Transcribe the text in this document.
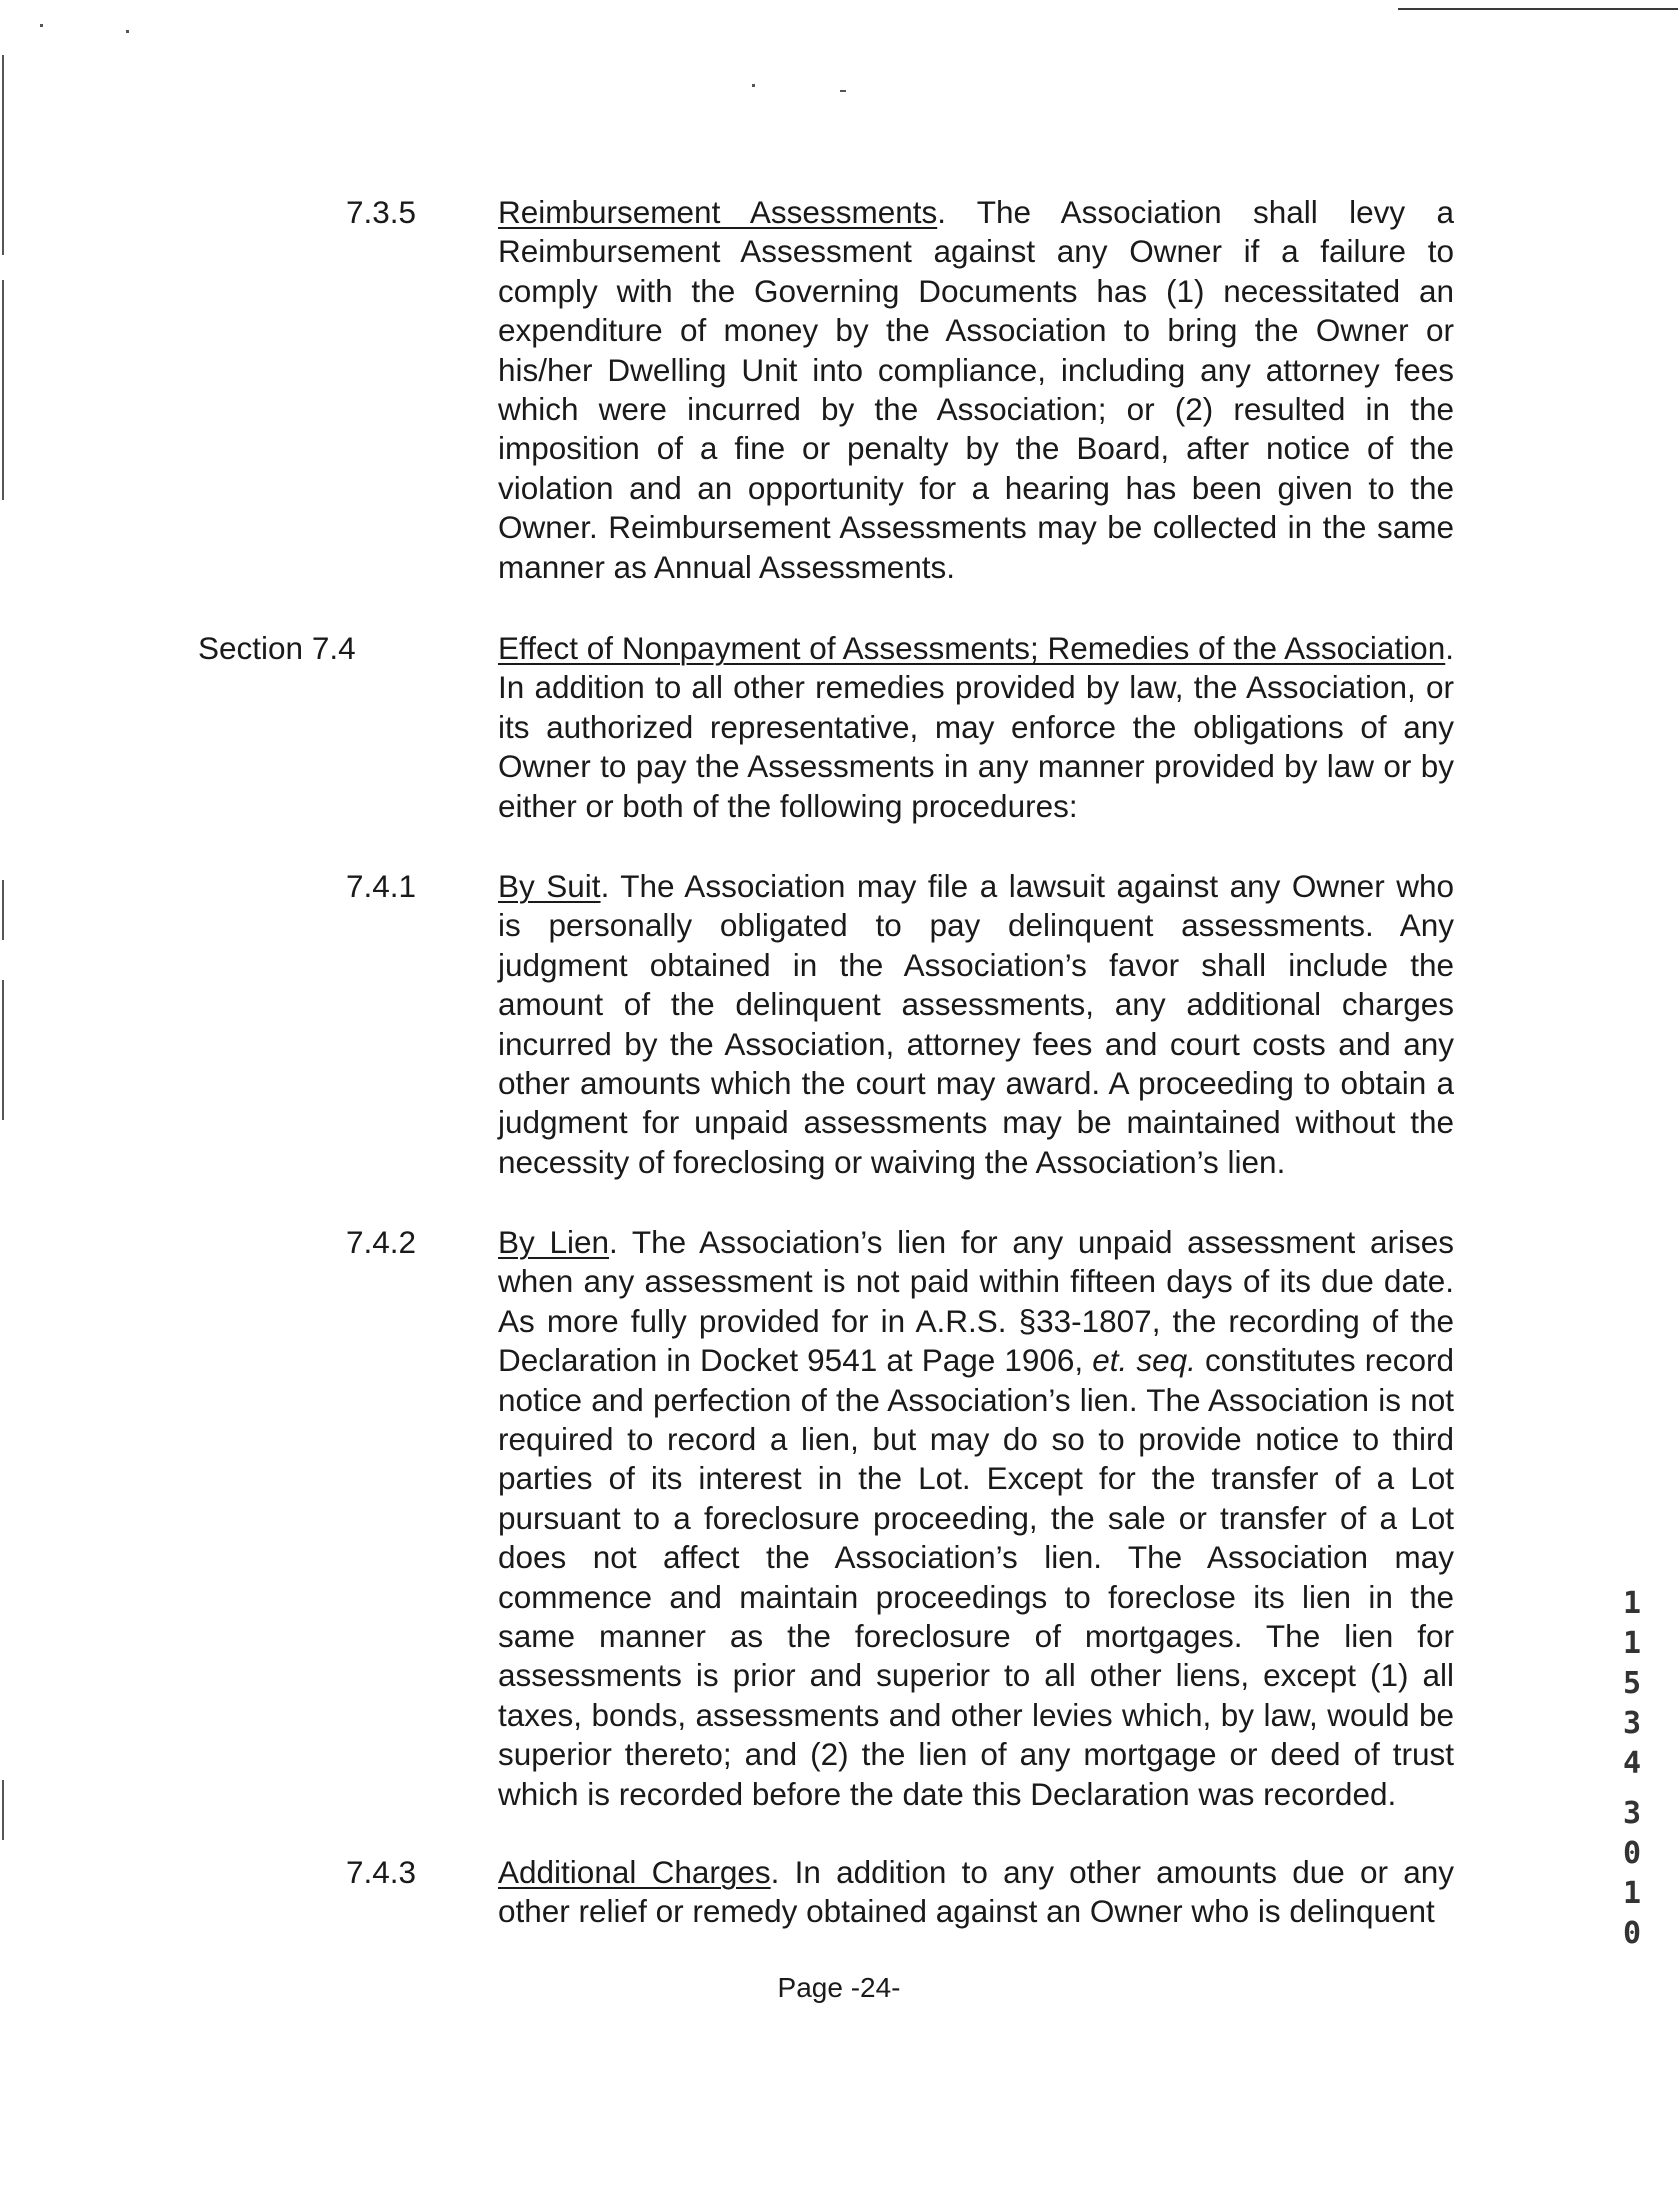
7.3.5	Reimbursement Assessments. The Association shall levy a Reimbursement Assessment against any Owner if a failure to comply with the Governing Documents has (1) necessitated an expenditure of money by the Association to bring the Owner or his/her Dwelling Unit into compliance, including any attorney fees which were incurred by the Association; or (2) resulted in the imposition of a fine or penalty by the Board, after notice of the violation and an opportunity for a hearing has been given to the Owner. Reimbursement Assessments may be collected in the same manner as Annual Assessments.
Section 7.4	Effect of Nonpayment of Assessments; Remedies of the Association. In addition to all other remedies provided by law, the Association, or its authorized representative, may enforce the obligations of any Owner to pay the Assessments in any manner provided by law or by either or both of the following procedures:
7.4.1	By Suit. The Association may file a lawsuit against any Owner who is personally obligated to pay delinquent assessments. Any judgment obtained in the Association’s favor shall include the amount of the delinquent assessments, any additional charges incurred by the Association, attorney fees and court costs and any other amounts which the court may award. A proceeding to obtain a judgment for unpaid assessments may be maintained without the necessity of foreclosing or waiving the Association’s lien.
7.4.2	By Lien. The Association’s lien for any unpaid assessment arises when any assessment is not paid within fifteen days of its due date. As more fully provided for in A.R.S. §33-1807, the recording of the Declaration in Docket 9541 at Page 1906, et. seq. constitutes record notice and perfection of the Association’s lien. The Association is not required to record a lien, but may do so to provide notice to third parties of its interest in the Lot. Except for the transfer of a Lot pursuant to a foreclosure proceeding, the sale or transfer of a Lot does not affect the Association’s lien. The Association may commence and maintain proceedings to foreclose its lien in the same manner as the foreclosure of mortgages. The lien for assessments is prior and superior to all other liens, except (1) all taxes, bonds, assessments and other levies which, by law, would be superior thereto; and (2) the lien of any mortgage or deed of trust which is recorded before the date this Declaration was recorded.
7.4.3	Additional Charges. In addition to any other amounts due or any other relief or remedy obtained against an Owner who is delinquent
Page -24-
1
1
5
3
4
3
0
1
0
